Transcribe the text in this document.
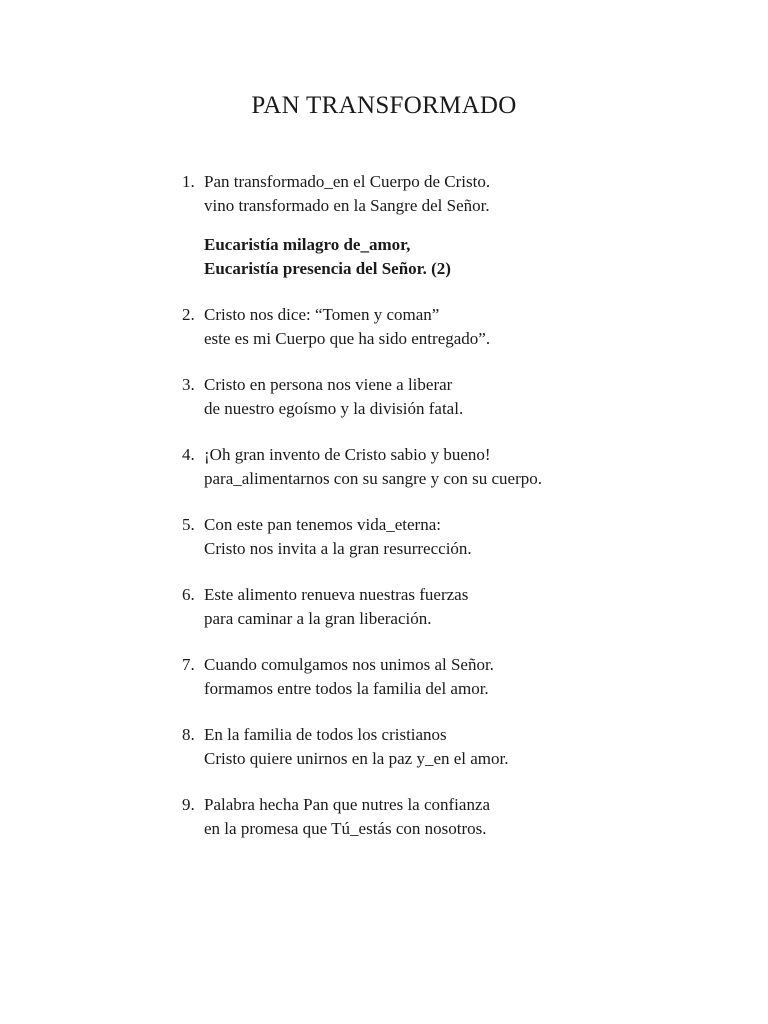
PAN TRANSFORMADO
1. Pan transformado_en el Cuerpo de Cristo.
vino transformado en la Sangre del Señor.
Eucaristía milagro de_amor,
Eucaristía presencia del Señor. (2)
2. Cristo nos dice: “Tomen y coman”
este es mi Cuerpo que ha sido entregado”.
3. Cristo en persona nos viene a liberar
de nuestro egoísmo y la división fatal.
4. ¡Oh gran invento de Cristo sabio y bueno!
para_alimentarnos con su sangre y con su cuerpo.
5. Con este pan tenemos vida_eterna:
Cristo nos invita a la gran resurrección.
6. Este alimento renueva nuestras fuerzas
para caminar a la gran liberación.
7. Cuando comulgamos nos unimos al Señor.
formamos entre todos la familia del amor.
8. En la familia de todos los cristianos
Cristo quiere unirnos en la paz y_en el amor.
9. Palabra hecha Pan que nutres la confianza
en la promesa que Tú_estás con nosotros.
